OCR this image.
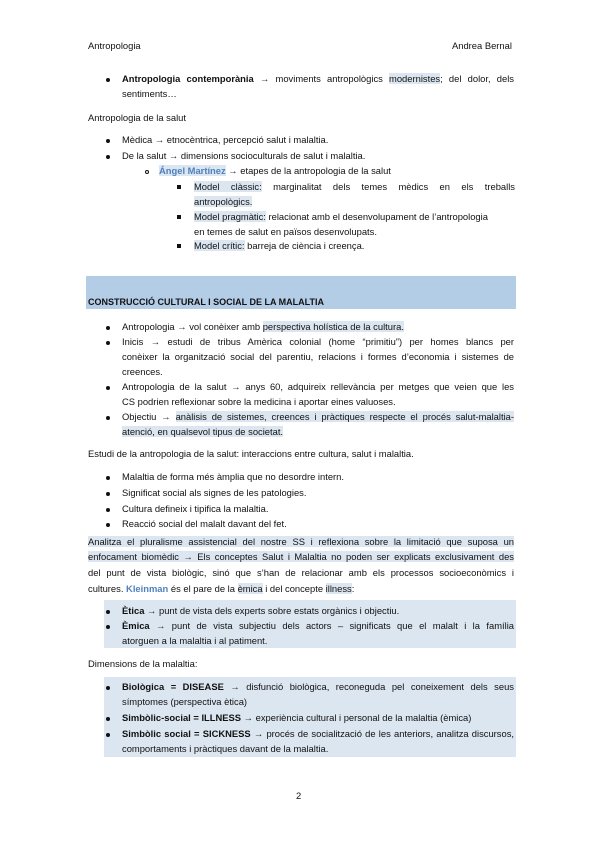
Antropologia	Andrea Bernal
Antropologia contemporània → moviments antropològics modernistes; del dolor, dels
sentiments…
Antropologia de la salut
Mèdica → etnocèntrica, percepció salut i malaltia.
De la salut → dimensions socioculturals de salut i malaltia.
Ángel Martínez → etapes de la antropologia de la salut
Model clàssic: marginalitat dels temes mèdics en els treballs
antropològics.
Model pragmàtic: relacionat amb el desenvolupament de l’antropologia
en temes de salut en països desenvolupats.
Model crític: barreja de ciència i creença.
CONSTRUCCIÓ CULTURAL I SOCIAL DE LA MALALTIA
Antropologia → vol conèixer amb perspectiva holística de la cultura.
Inicis → estudi de tribus Amèrica colonial (home “primitiu”) per homes blancs per
conèixer la organització social del parentiu, relacions i formes d’economia i sistemes de
creences.
Antropologia de la salut → anys 60, adquireix rellevància per metges que veien que les
CS podrien reflexionar sobre la medicina i aportar eines valuoses.
Objectiu → anàlisis de sistemes, creences i pràctiques respecte el procés salut-malaltia-
atenció, en qualsevol tipus de societat.
Estudi de la antropologia de la salut: interaccions entre cultura, salut i malaltia.
Malaltia de forma més àmplia que no desordre intern.
Significat social als signes de les patologies.
Cultura defineix i tipifica la malaltia.
Reacció social del malalt davant del fet.
Analitza el pluralisme assistencial del nostre SS i reflexiona sobre la limitació que suposa un
enfocament biomèdic → Els conceptes Salut i Malaltia no poden ser explicats exclusivament des
del punt de vista biològic, sinó que s’han de relacionar amb els processos socioeconòmics i
cultures. Kleinman és el pare de la èmica i del concepte illness:
Ètica → punt de vista dels experts sobre estats orgànics i objectiu.
Èmica → punt de vista subjectiu dels actors – significats que el malalt i la família
atorguen a la malaltia i al patiment.
Dimensions de la malaltia:
Biològica = DISEASE → disfunció biològica, reconeguda pel coneixement dels seus
símptomes (perspectiva ètica)
Simbòlic-social = ILLNESS → experiència cultural i personal de la malaltia (èmica)
Simbòlic social = SICKNESS → procés de socialització de les anteriors, analitza discursos,
comportaments i pràctiques davant de la malaltia.
2
